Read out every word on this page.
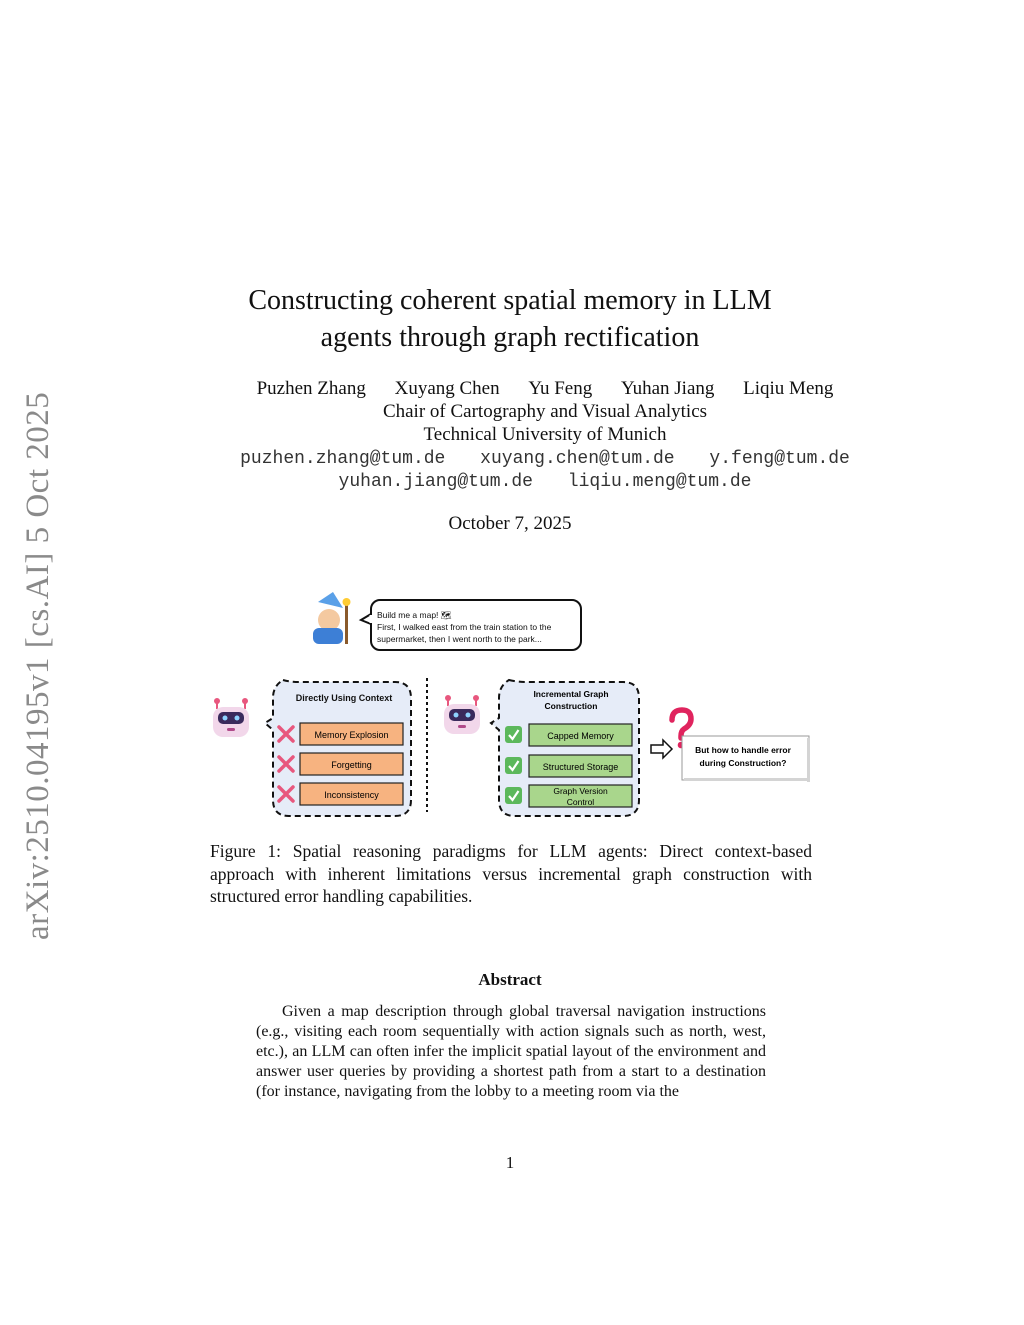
arXiv:2510.04195v1 [cs.AI] 5 Oct 2025
Constructing coherent spatial memory in LLM
agents through graph rectification
Puzhen Zhang Xuyang Chen Yu Feng Yuhan Jiang Liqiu Meng
Chair of Cartography and Visual Analytics
Technical University of Munich
puzhen.zhang@tum.de xuyang.chen@tum.de y.feng@tum.de
yuhan.jiang@tum.de liqiu.meng@tum.de
October 7, 2025
Build me a map! 🗺
First, I walked east from the train station to the
supermarket, then I went north to the park...
Directly Using Context
Memory Explosion
Forgetting
Inconsistency
Incremental Graph
Construction
Capped Memory
Structured Storage
Graph Version
Control
But how to handle error
during Construction?
Figure 1: Spatial reasoning paradigms for LLM agents: Direct context-based approach with inherent limitations versus incremental graph construction with structured error handling capabilities.
Abstract
Given a map description through global traversal navigation instructions (e.g., visiting each room sequentially with action signals such as north, west, etc.), an LLM can often infer the implicit spatial layout of the environment and answer user queries by providing a shortest path from a start to a destination (for instance, navigating from the lobby to a meeting room via the
1
